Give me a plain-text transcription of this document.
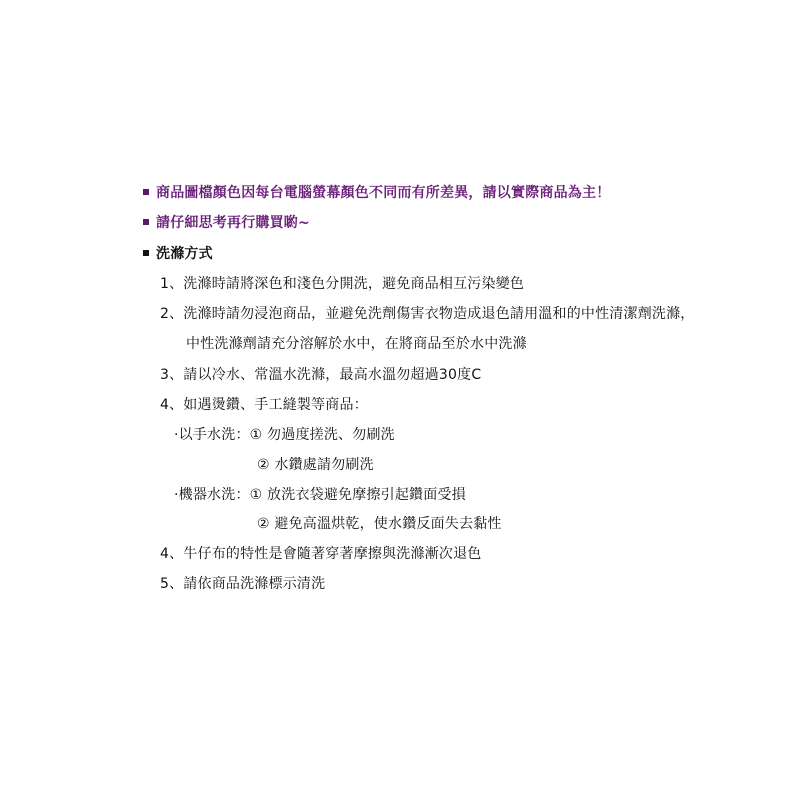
商品圖檔顏色因每台電腦螢幕顏色不同而有所差異，請以實際商品為主！
請仔細思考再行購買喲~
洗滌方式
1、洗滌時請將深色和淺色分開洗，避免商品相互污染變色
2、洗滌時請勿浸泡商品，並避免洗劑傷害衣物造成退色請用溫和的中性清潔劑洗滌，
中性洗滌劑請充分溶解於水中，在將商品至於水中洗滌
3、請以冷水、常溫水洗滌，最高水溫勿超過30度C
4、如遇燙鑽、手工縫製等商品：
·以手水洗：① 勿過度搓洗、勿刷洗
② 水鑽處請勿刷洗
·機器水洗：① 放洗衣袋避免摩擦引起鑽面受損
② 避免高溫烘乾，使水鑽反面失去黏性
4、牛仔布的特性是會隨著穿著摩擦與洗滌漸次退色
5、請依商品洗滌標示清洗
